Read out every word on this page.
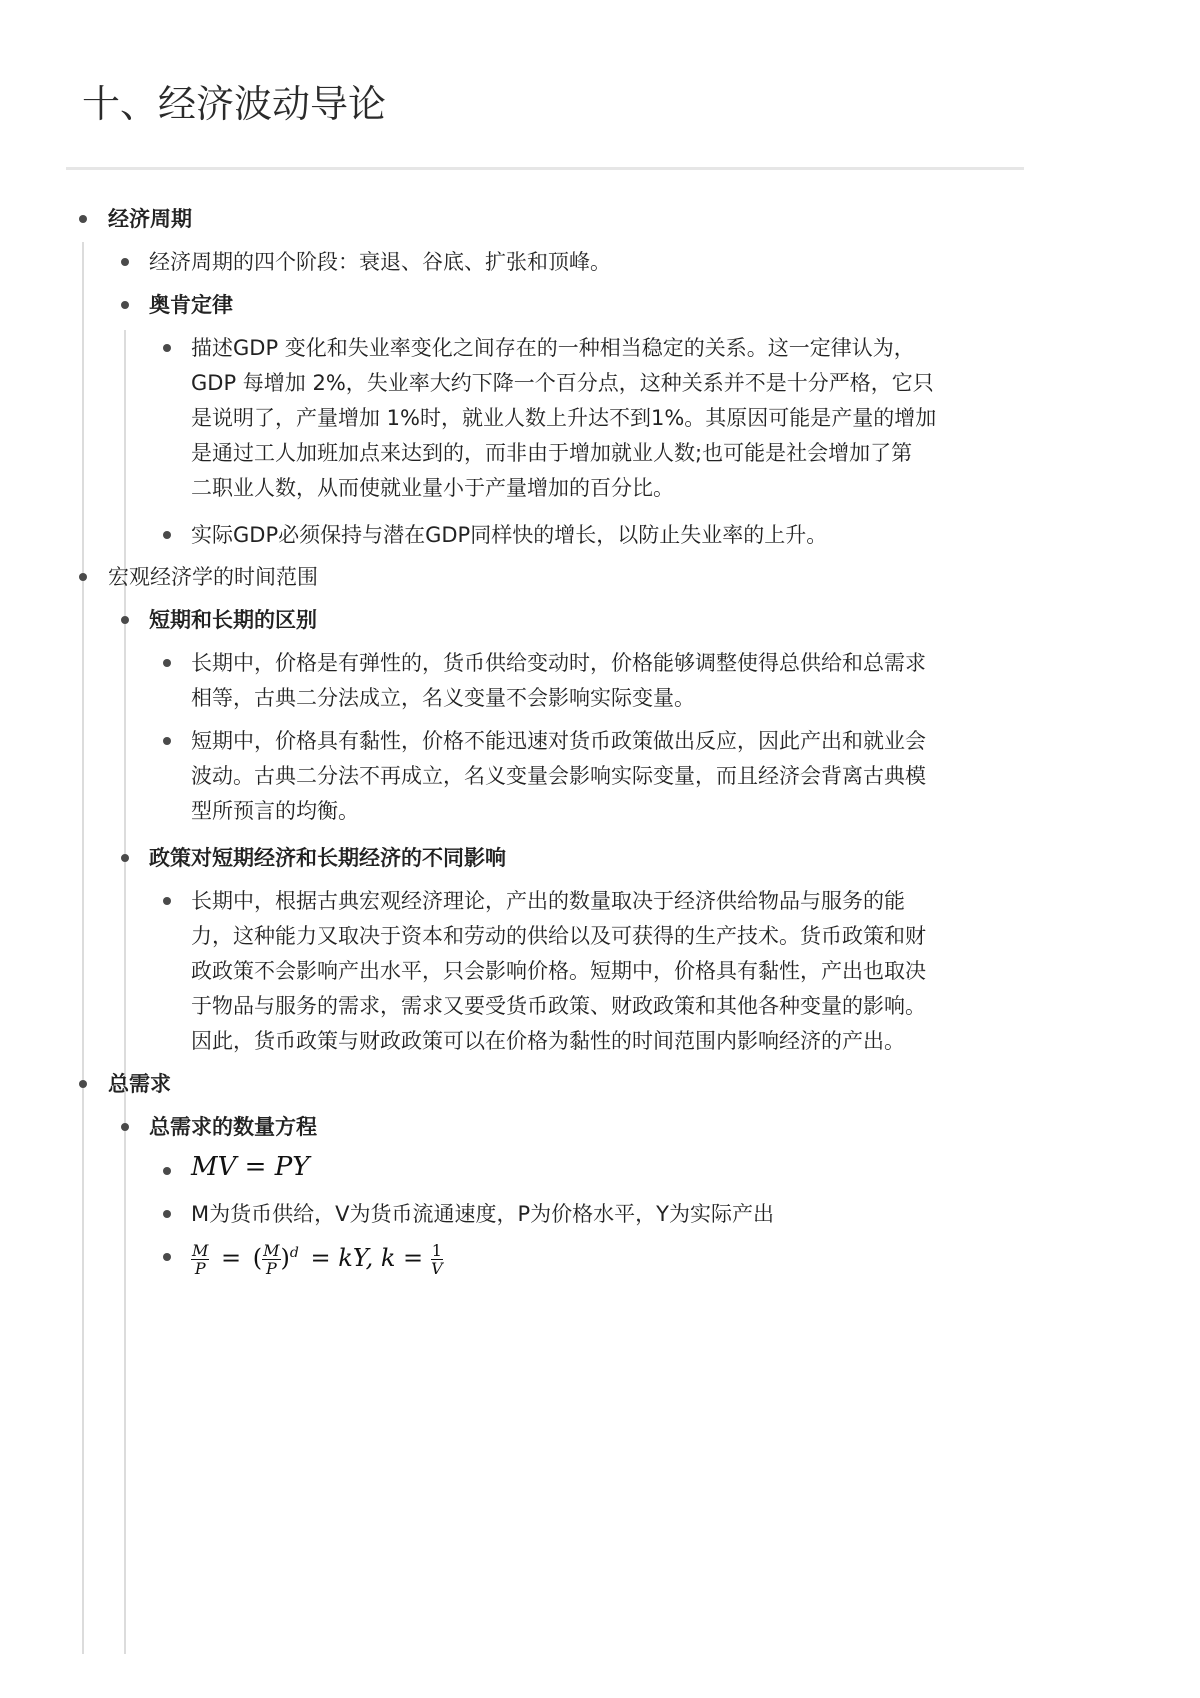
十、经济波动导论

经济周期

经济周期的四个阶段：衰退、谷底、扩张和顶峰。

奥肯定律

描述GDP 变化和失业率变化之间存在的一种相当稳定的关系。这一定律认为，

GDP 每增加 2%，失业率大约下降一个百分点，这种关系并不是十分严格，它只

是说明了，产量增加 1%时，就业人数上升达不到1%。其原因可能是产量的增加

是通过工人加班加点来达到的，而非由于增加就业人数;也可能是社会增加了第

二职业人数，从而使就业量小于产量增加的百分比。

实际GDP必须保持与潜在GDP同样快的增长，以防止失业率的上升。

宏观经济学的时间范围

短期和长期的区别

长期中，价格是有弹性的，货币供给变动时，价格能够调整使得总供给和总需求

相等，古典二分法成立，名义变量不会影响实际变量。

短期中，价格具有黏性，价格不能迅速对货币政策做出反应，因此产出和就业会

波动。古典二分法不再成立，名义变量会影响实际变量，而且经济会背离古典模

型所预言的均衡。

政策对短期经济和长期经济的不同影响

长期中，根据古典宏观经济理论，产出的数量取决于经济供给物品与服务的能

力，这种能力又取决于资本和劳动的供给以及可获得的生产技术。货币政策和财

政政策不会影响产出水平，只会影响价格。短期中，价格具有黏性，产出也取决

于物品与服务的需求，需求又要受货币政策、财政政策和其他各种变量的影响。

因此，货币政策与财政政策可以在价格为黏性的时间范围内影响经济的产出。

总需求

总需求的数量方程

MV = PY

M为货币供给，V为货币流通速度，P为价格水平，Y为实际产出

$\frac{M}{P}$ = ( $\frac{M}{P} )^d$ = kY, $k = \frac{1}{V}$
